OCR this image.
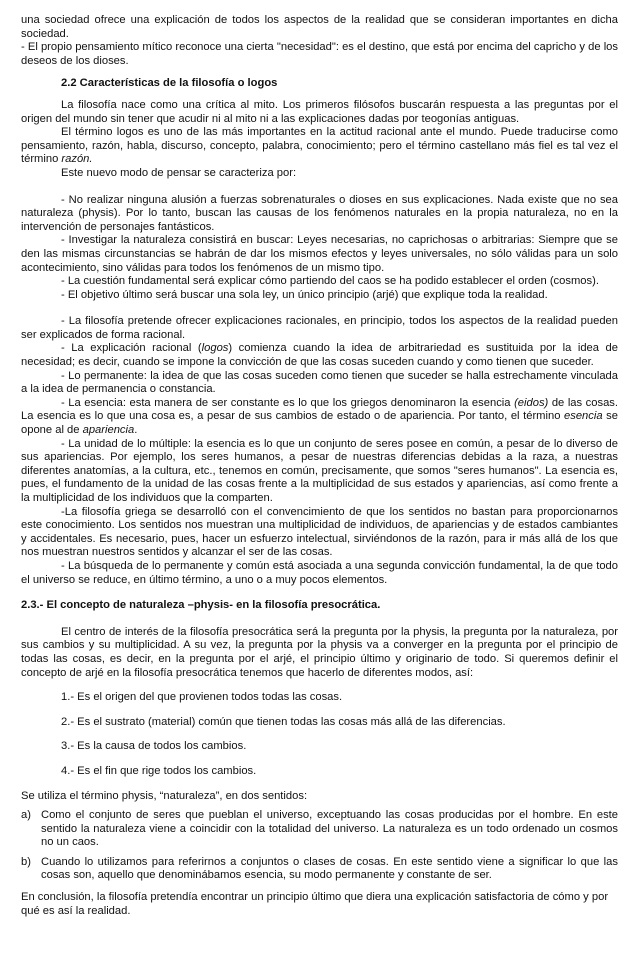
una sociedad ofrece una explicación de todos los aspectos de la realidad que se consideran importantes en dicha sociedad.

- El propio pensamiento mítico reconoce una cierta "necesidad": es el destino, que está por encima del capricho y de los deseos de los dioses.

2.2 Características de la filosofía o logos

La filosofía nace como una crítica al mito. Los primeros filósofos buscarán respuesta a las preguntas por el origen del mundo sin tener que acudir ni al mito ni a las explicaciones dadas por teogonías antiguas.

El término logos es uno de las más importantes en la actitud racional ante el mundo. Puede traducirse como pensamiento, razón, habla, discurso, concepto, palabra, conocimiento; pero el término castellano más fiel es tal vez el término razón.

Este nuevo modo de pensar se caracteriza por:

- No realizar ninguna alusión a fuerzas sobrenaturales o dioses en sus explicaciones. Nada existe que no sea naturaleza (physis). Por lo tanto, buscan las causas de los fenómenos naturales en la propia naturaleza, no en la intervención de personajes fantásticos.

- Investigar la naturaleza consistirá en buscar: Leyes necesarias, no caprichosas o arbitrarias: Siempre que se den las mismas circunstancias se habrán de dar los mismos efectos y leyes universales, no sólo válidas para un solo acontecimiento, sino válidas para todos los fenómenos de un mismo tipo.

- La cuestión fundamental será explicar cómo partiendo del caos se ha podido establecer el orden (cosmos).

- El objetivo último será buscar una sola ley, un único principio (arjé) que explique toda la realidad.

- La filosofía pretende ofrecer explicaciones racionales, en principio, todos los aspectos de la realidad pueden ser explicados de forma racional.

- La explicación racional (logos) comienza cuando la idea de arbitrariedad es sustituida por la idea de necesidad; es decir, cuando se impone la convicción de que las cosas suceden cuando y como tienen que suceder.

- Lo permanente: la idea de que las cosas suceden como tienen que suceder se halla estrechamente vinculada a la idea de permanencia o constancia.

- La esencia: esta manera de ser constante es lo que los griegos denominaron la esencia (eidos) de las cosas. La esencia es lo que una cosa es, a pesar de sus cambios de estado o de apariencia. Por tanto, el término esencia se opone al de apariencia.

- La unidad de lo múltiple: la esencia es lo que un conjunto de seres posee en común, a pesar de lo diverso de sus apariencias. Por ejemplo, los seres humanos, a pesar de nuestras diferencias debidas a la raza, a nuestras diferentes anatomías, a la cultura, etc., tenemos en común, precisamente, que somos "seres humanos". La esencia es, pues, el fundamento de la unidad de las cosas frente a la multiplicidad de sus estados y apariencias, así como frente a la multiplicidad de los individuos que la comparten.

-La filosofía griega se desarrolló con el convencimiento de que los sentidos no bastan para proporcionarnos este conocimiento. Los sentidos nos muestran una multiplicidad de individuos, de apariencias y de estados cambiantes y accidentales. Es necesario, pues, hacer un esfuerzo intelectual, sirviéndonos de la razón, para ir más allá de los que nos muestran nuestros sentidos y alcanzar el ser de las cosas.

- La búsqueda de lo permanente y común está asociada a una segunda convicción fundamental, la de que todo el universo se reduce, en último término, a uno o a muy pocos elementos.

2.3.- El concepto de naturaleza –physis- en la filosofía presocrática.

El centro de interés de la filosofía presocrática será la pregunta por la physis, la pregunta por la naturaleza, por sus cambios y su multiplicidad. A su vez, la pregunta por la physis va a converger en la pregunta por el principio de todas las cosas, es decir, en la pregunta por el arjé, el principio último y originario de todo. Si queremos definir el concepto de arjé en la filosofía presocrática tenemos que hacerlo de diferentes modos, así:

1.- Es el origen del que provienen todos todas las cosas.

2.- Es el sustrato (material) común que tienen todas las cosas más allá de las diferencias.

3.- Es la causa de todos los cambios.

4.- Es el fin que rige todos los cambios.

Se utiliza el término physis, “naturaleza”, en dos sentidos:

a) Como el conjunto de seres que pueblan el universo, exceptuando las cosas producidas por el hombre. En este sentido la naturaleza viene a coincidir con la totalidad del universo. La naturaleza es un todo ordenado un cosmos no un caos.

b) Cuando lo utilizamos para referirnos a conjuntos o clases de cosas. En este sentido viene a significar lo que las cosas son, aquello que denominábamos esencia, su modo permanente y constante de ser.

En conclusión, la filosofía pretendía encontrar un principio último que diera una explicación satisfactoria de cómo y por qué es así la realidad.
